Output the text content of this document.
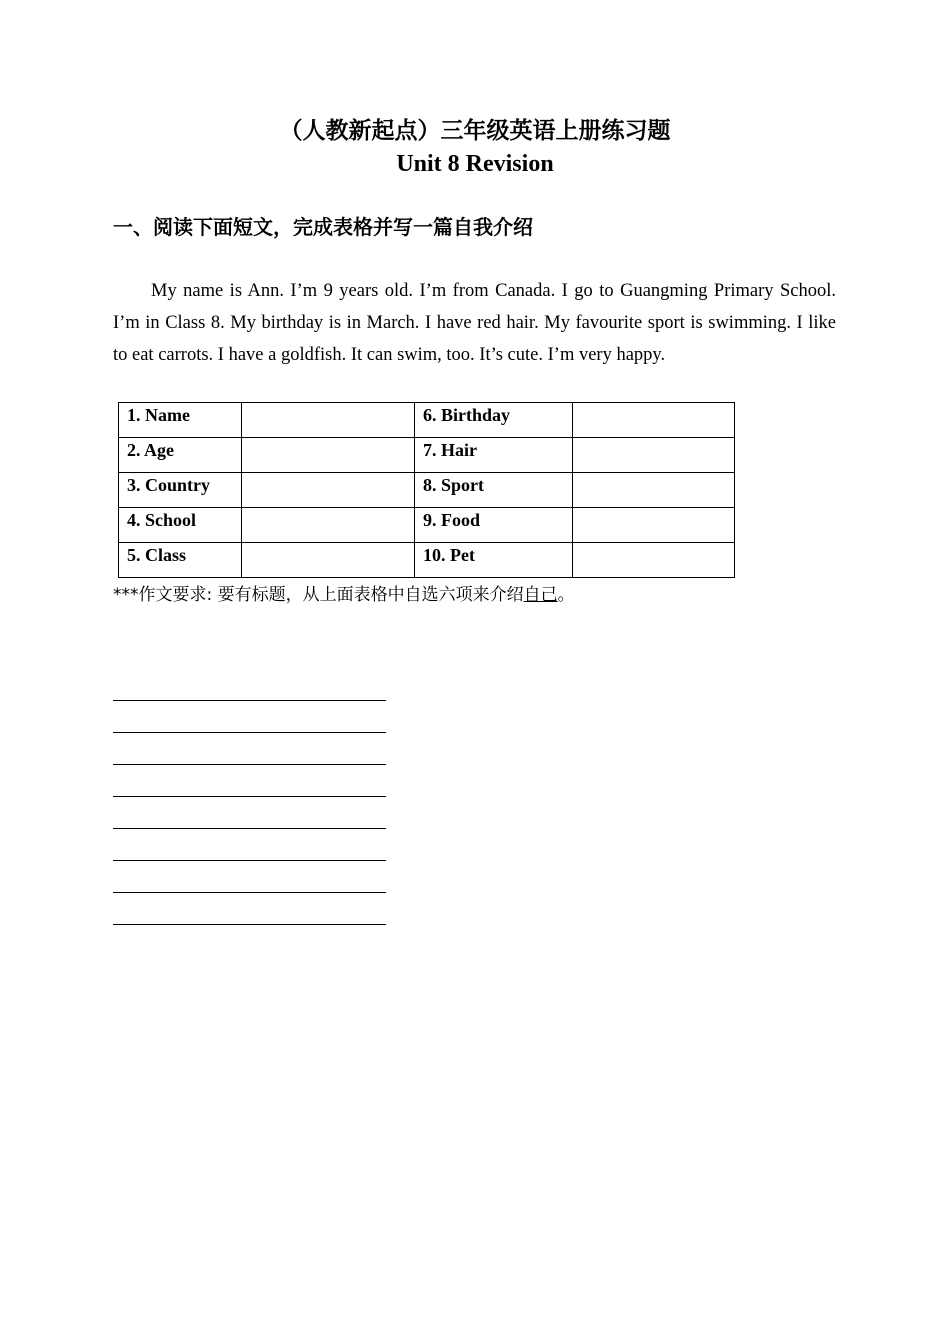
（人教新起点）三年级英语上册练习题
Unit 8 Revision
一、阅读下面短文，完成表格并写一篇自我介绍

My name is Ann. I’m 9 years old. I’m from Canada. I go to Guangming Primary School. I’m in Class 8. My birthday is in March. I have red hair. My favourite sport is swimming. I like to eat carrots. I have a goldfish. It can swim, too. It’s cute. I’m very happy.

1. Name		6. Birthday	
2. Age		7. Hair	
3. Country		8. Sport	
4. School		9. Food	
5. Class		10. Pet	
***作文要求: 要有标题，从上面表格中自选六项来介绍自己。
